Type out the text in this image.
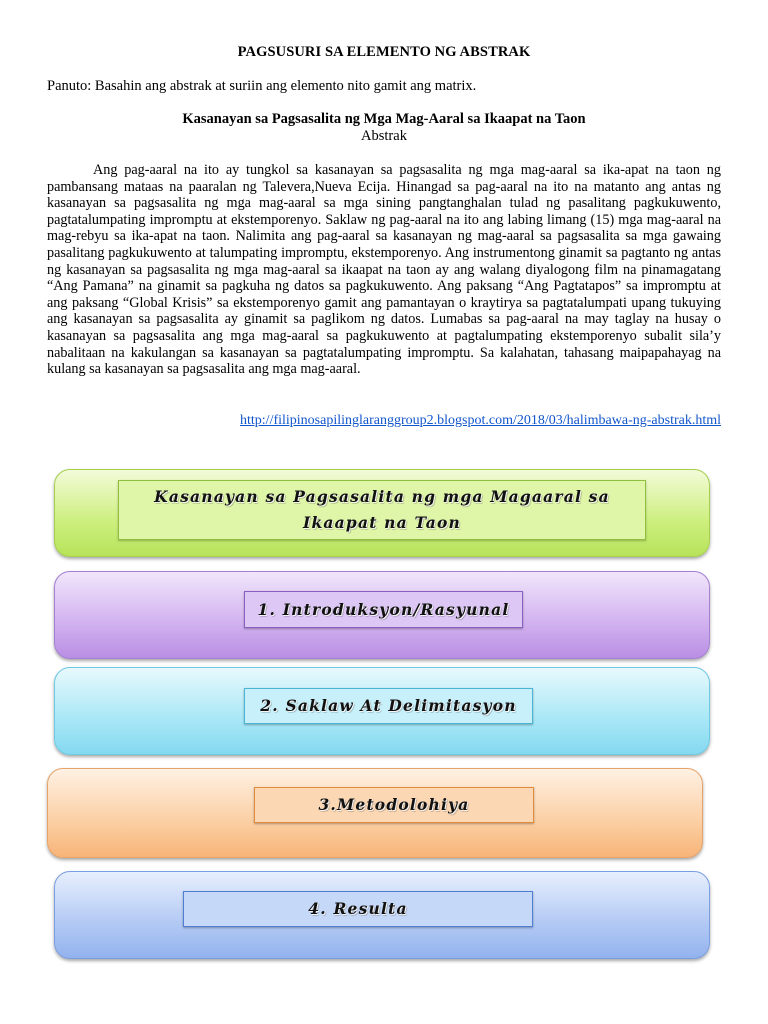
PAGSUSURI SA ELEMENTO NG ABSTRAK
Panuto: Basahin ang abstrak at suriin ang elemento nito gamit ang matrix.
Kasanayan sa Pagsasalita ng Mga Mag-Aaral sa Ikaapat na Taon
Abstrak

Ang pag-aaral na ito ay tungkol sa kasanayan sa pagsasalita ng mga mag-aaral sa ika-apat na taon ng pambansang mataas na paaralan ng Talevera,Nueva Ecija. Hinangad sa pag-aaral na ito na matanto ang antas ng kasanayan sa pagsasalita ng mga mag-aaral sa mga sining pangtanghalan tulad ng pasalitang pagkukuwento, pagtatalumpating impromptu at ekstemporenyo. Saklaw ng pag-aaral na ito ang labing limang (15) mga mag-aaral na mag-rebyu sa ika-apat na taon. Nalimita ang pag-aaral sa kasanayan ng mag-aaral sa pagsasalita sa mga gawaing pasalitang pagkukuwento at talumpating impromptu, ekstemporenyo. Ang instrumentong ginamit sa pagtanto ng antas ng kasanayan sa pagsasalita ng mga mag-aaral sa ikaapat na taon ay ang walang diyalogong film na pinamagatang “Ang Pamana” na ginamit sa pagkuha ng datos sa pagkukuwento. Ang paksang “Ang Pagtatapos” sa impromptu at ang paksang “Global Krisis” sa ekstemporenyo gamit ang pamantayan o kraytirya sa pagtatalumpati upang tukuying ang kasanayan sa pagsasalita ay ginamit sa paglikom ng datos. Lumabas sa pag-aaral na may taglay na husay o kasanayan sa pagsasalita ang mga mag-aaral sa pagkukuwento at pagtalumpating ekstemporenyo subalit sila’y nabalitaan na kakulangan sa kasanayan sa pagtatalumpating impromptu. Sa kalahatan, tahasang maipapahayag na kulang sa kasanayan sa pagsasalita ang mga mag-aaral.

http://filipinosapilinglaranggroup2.blogspot.com/2018/03/halimbawa-ng-abstrak.html
Kasanayan sa Pagsasalita ng mga Magaaral sa Ikaapat na Taon
1. Introduksyon/Rasyunal
2. Saklaw At Delimitasyon
3.Metodolohiya
4. Resulta
